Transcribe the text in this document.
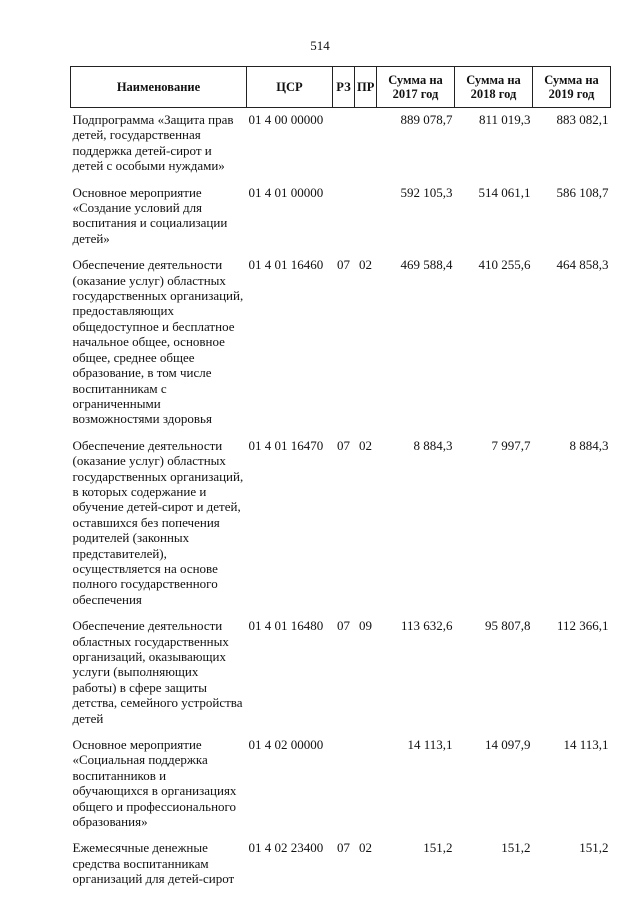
514
Наименование	ЦСР	РЗ	ПР	Сумма на 2017 год	Сумма на 2018 год	Сумма на 2019 год
Подпрограмма «Защита прав детей, государственная поддержка детей-сирот и детей с особыми нуждами»	01 4 00 00000			889 078,7	811 019,3	883 082,1
Основное мероприятие «Создание условий для воспитания и социализации детей»	01 4 01 00000			592 105,3	514 061,1	586 108,7
Обеспечение деятельности (оказание услуг) областных государственных организаций, предоставляющих общедоступное и бесплатное начальное общее, основное общее, среднее общее образование, в том числе воспитанникам с ограниченными возможностями здоровья	01 4 01 16460	07	02	469 588,4	410 255,6	464 858,3
Обеспечение деятельности (оказание услуг) областных государственных организаций, в которых содержание и обучение детей-сирот и детей, оставшихся без попечения родителей (законных представителей), осуществляется на основе полного государственного обеспечения	01 4 01 16470	07	02	8 884,3	7 997,7	8 884,3
Обеспечение деятельности областных государственных организаций, оказывающих услуги (выполняющих работы) в сфере защиты детства, семейного устройства детей	01 4 01 16480	07	09	113 632,6	95 807,8	112 366,1
Основное мероприятие «Социальная поддержка воспитанников и обучающихся в организациях общего и профессионального образования»	01 4 02 00000			14 113,1	14 097,9	14 113,1
Ежемесячные денежные средства воспитанникам организаций для детей-сирот	01 4 02 23400	07	02	151,2	151,2	151,2
